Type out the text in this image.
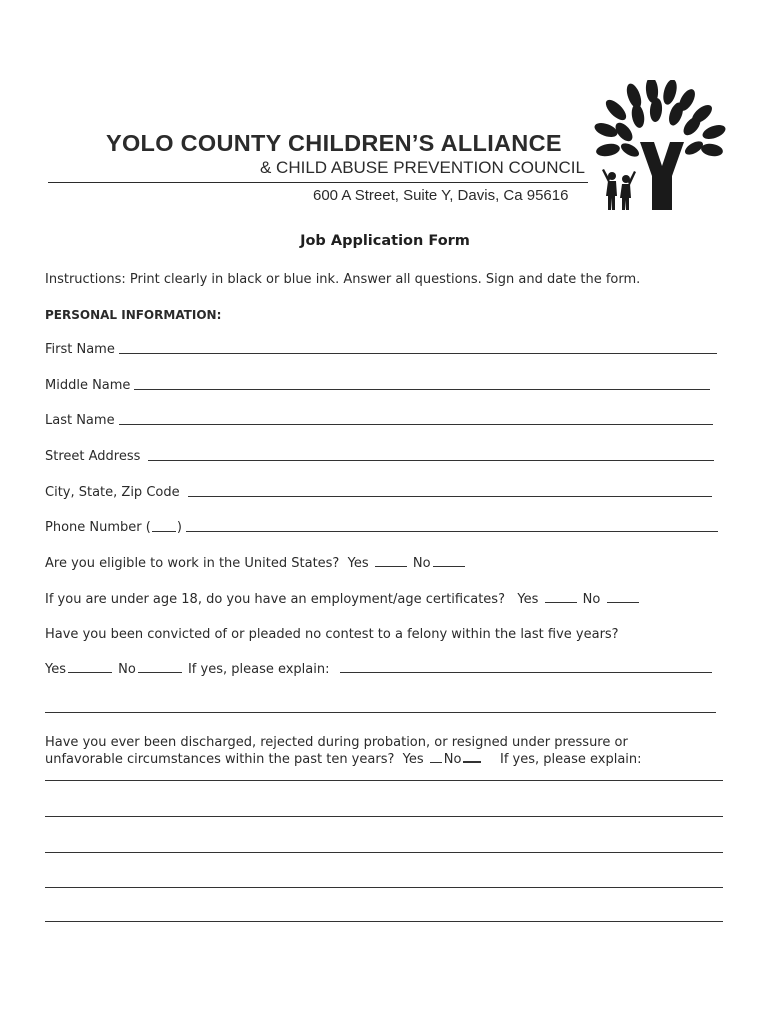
YOLO COUNTY CHILDREN’S ALLIANCE

& CHILD ABUSE PREVENTION COUNCIL

600 A Street, Suite Y, Davis, Ca 95616

Job Application Form

Instructions: Print clearly in black or blue ink. Answer all questions. Sign and date the form.

PERSONAL INFORMATION:

First Name
Middle Name
Last Name
Street Address
City, State, Zip Code
Phone Number ( )

Are you eligible to work in the United States? Yes	No

If you are under age 18, do you have an employment/age certificates? Yes	No

Have you been convicted of or pleaded no contest to a felony within the last five years?

Yes	No	If yes, please explain:

Have you ever been discharged, rejected during probation, or resigned under pressure or
unfavorable circumstances within the past ten years? Yes No	If yes, please explain:
